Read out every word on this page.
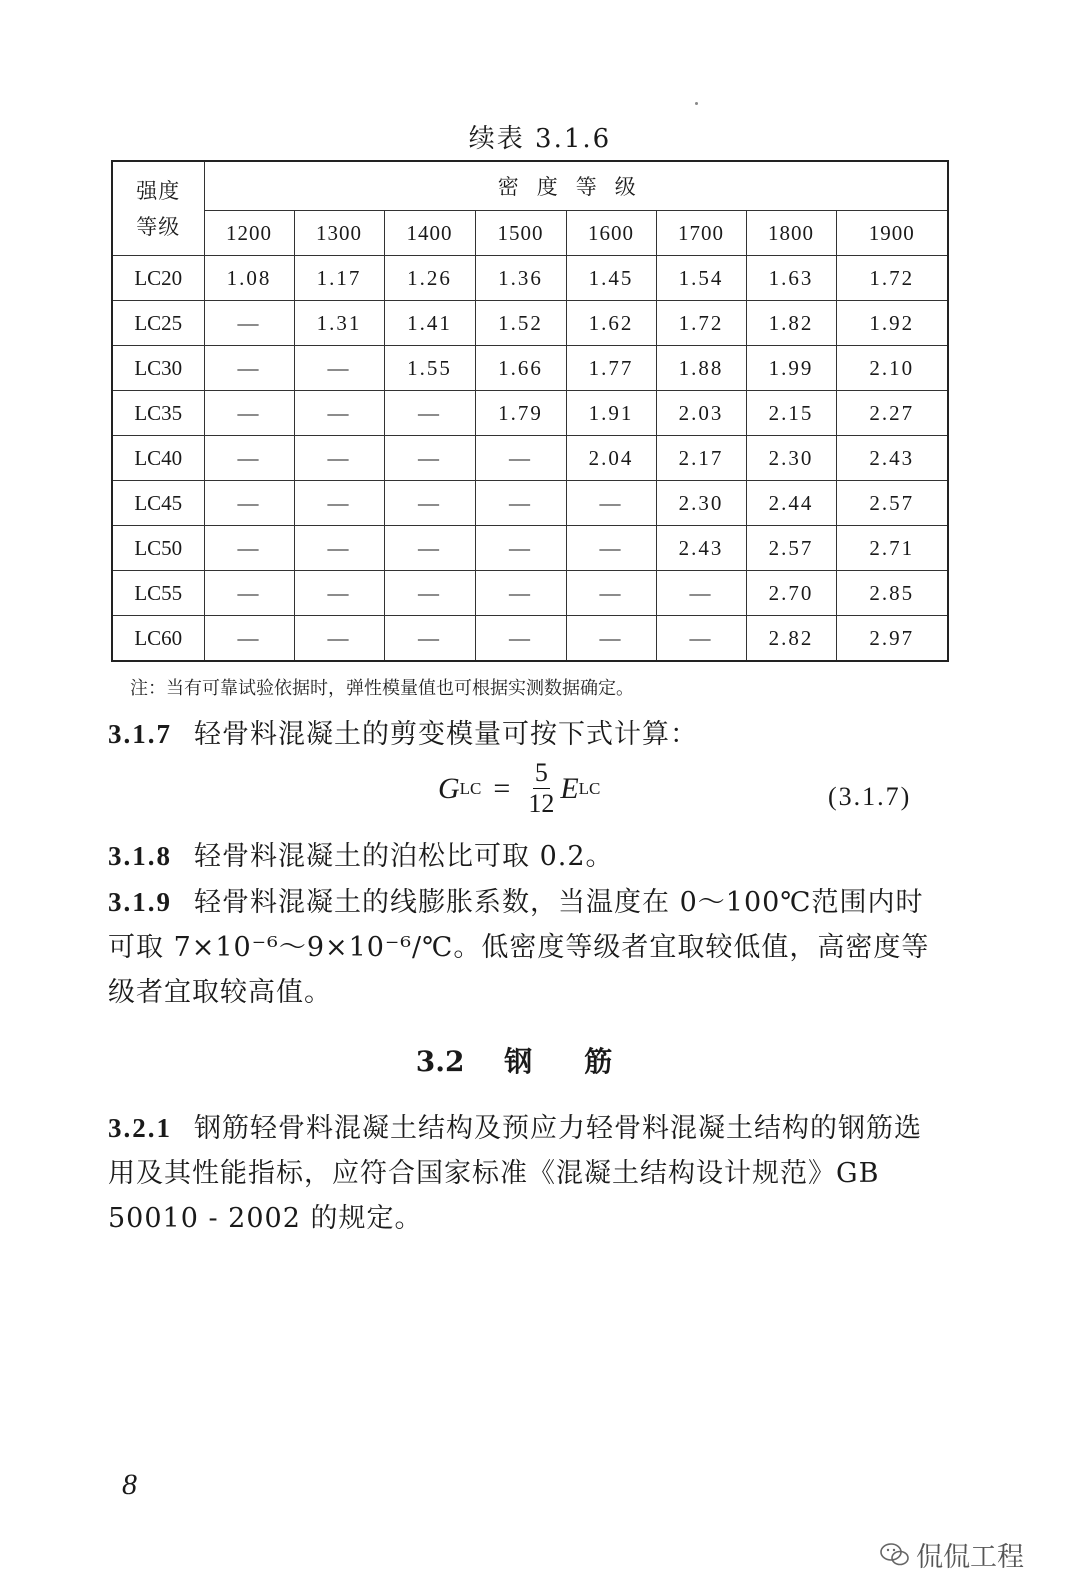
续表 3.1.6
强度
等级	密度等级							
	1200	1300	1400	1500	1600	1700	1800	1900
LC20	1.08	1.17	1.26	1.36	1.45	1.54	1.63	1.72
LC25	—	1.31	1.41	1.52	1.62	1.72	1.82	1.92
LC30	—	—	1.55	1.66	1.77	1.88	1.99	2.10
LC35	—	—	—	1.79	1.91	2.03	2.15	2.27
LC40	—	—	—	—	2.04	2.17	2.30	2.43
LC45	—	—	—	—	—	2.30	2.44	2.57
LC50	—	—	—	—	—	2.43	2.57	2.71
LC55	—	—	—	—	—	—	2.70	2.85
LC60	—	—	—	—	—	—	2.82	2.97
注：当有可靠试验依据时，弹性模量值也可根据实测数据确定。
3.1.7 轻骨料混凝土的剪变模量可按下式计算：
G LC = $\frac{5}{12}$ E LC	(3.1.7)
3.1.8 轻骨料混凝土的泊松比可取 0.2。
3.1.9 轻骨料混凝土的线膨胀系数，当温度在 0～100℃范围内时可取 7×10⁻⁶～9×10⁻⁶/℃。低密度等级者宜取较低值，高密度等级者宜取较高值。
3.2 钢筋
3.2.1 钢筋轻骨料混凝土结构及预应力轻骨料混凝土结构的钢筋选用及其性能指标，应符合国家标准《混凝土结构设计规范》GB 50010 - 2002 的规定。
8
侃侃工程
